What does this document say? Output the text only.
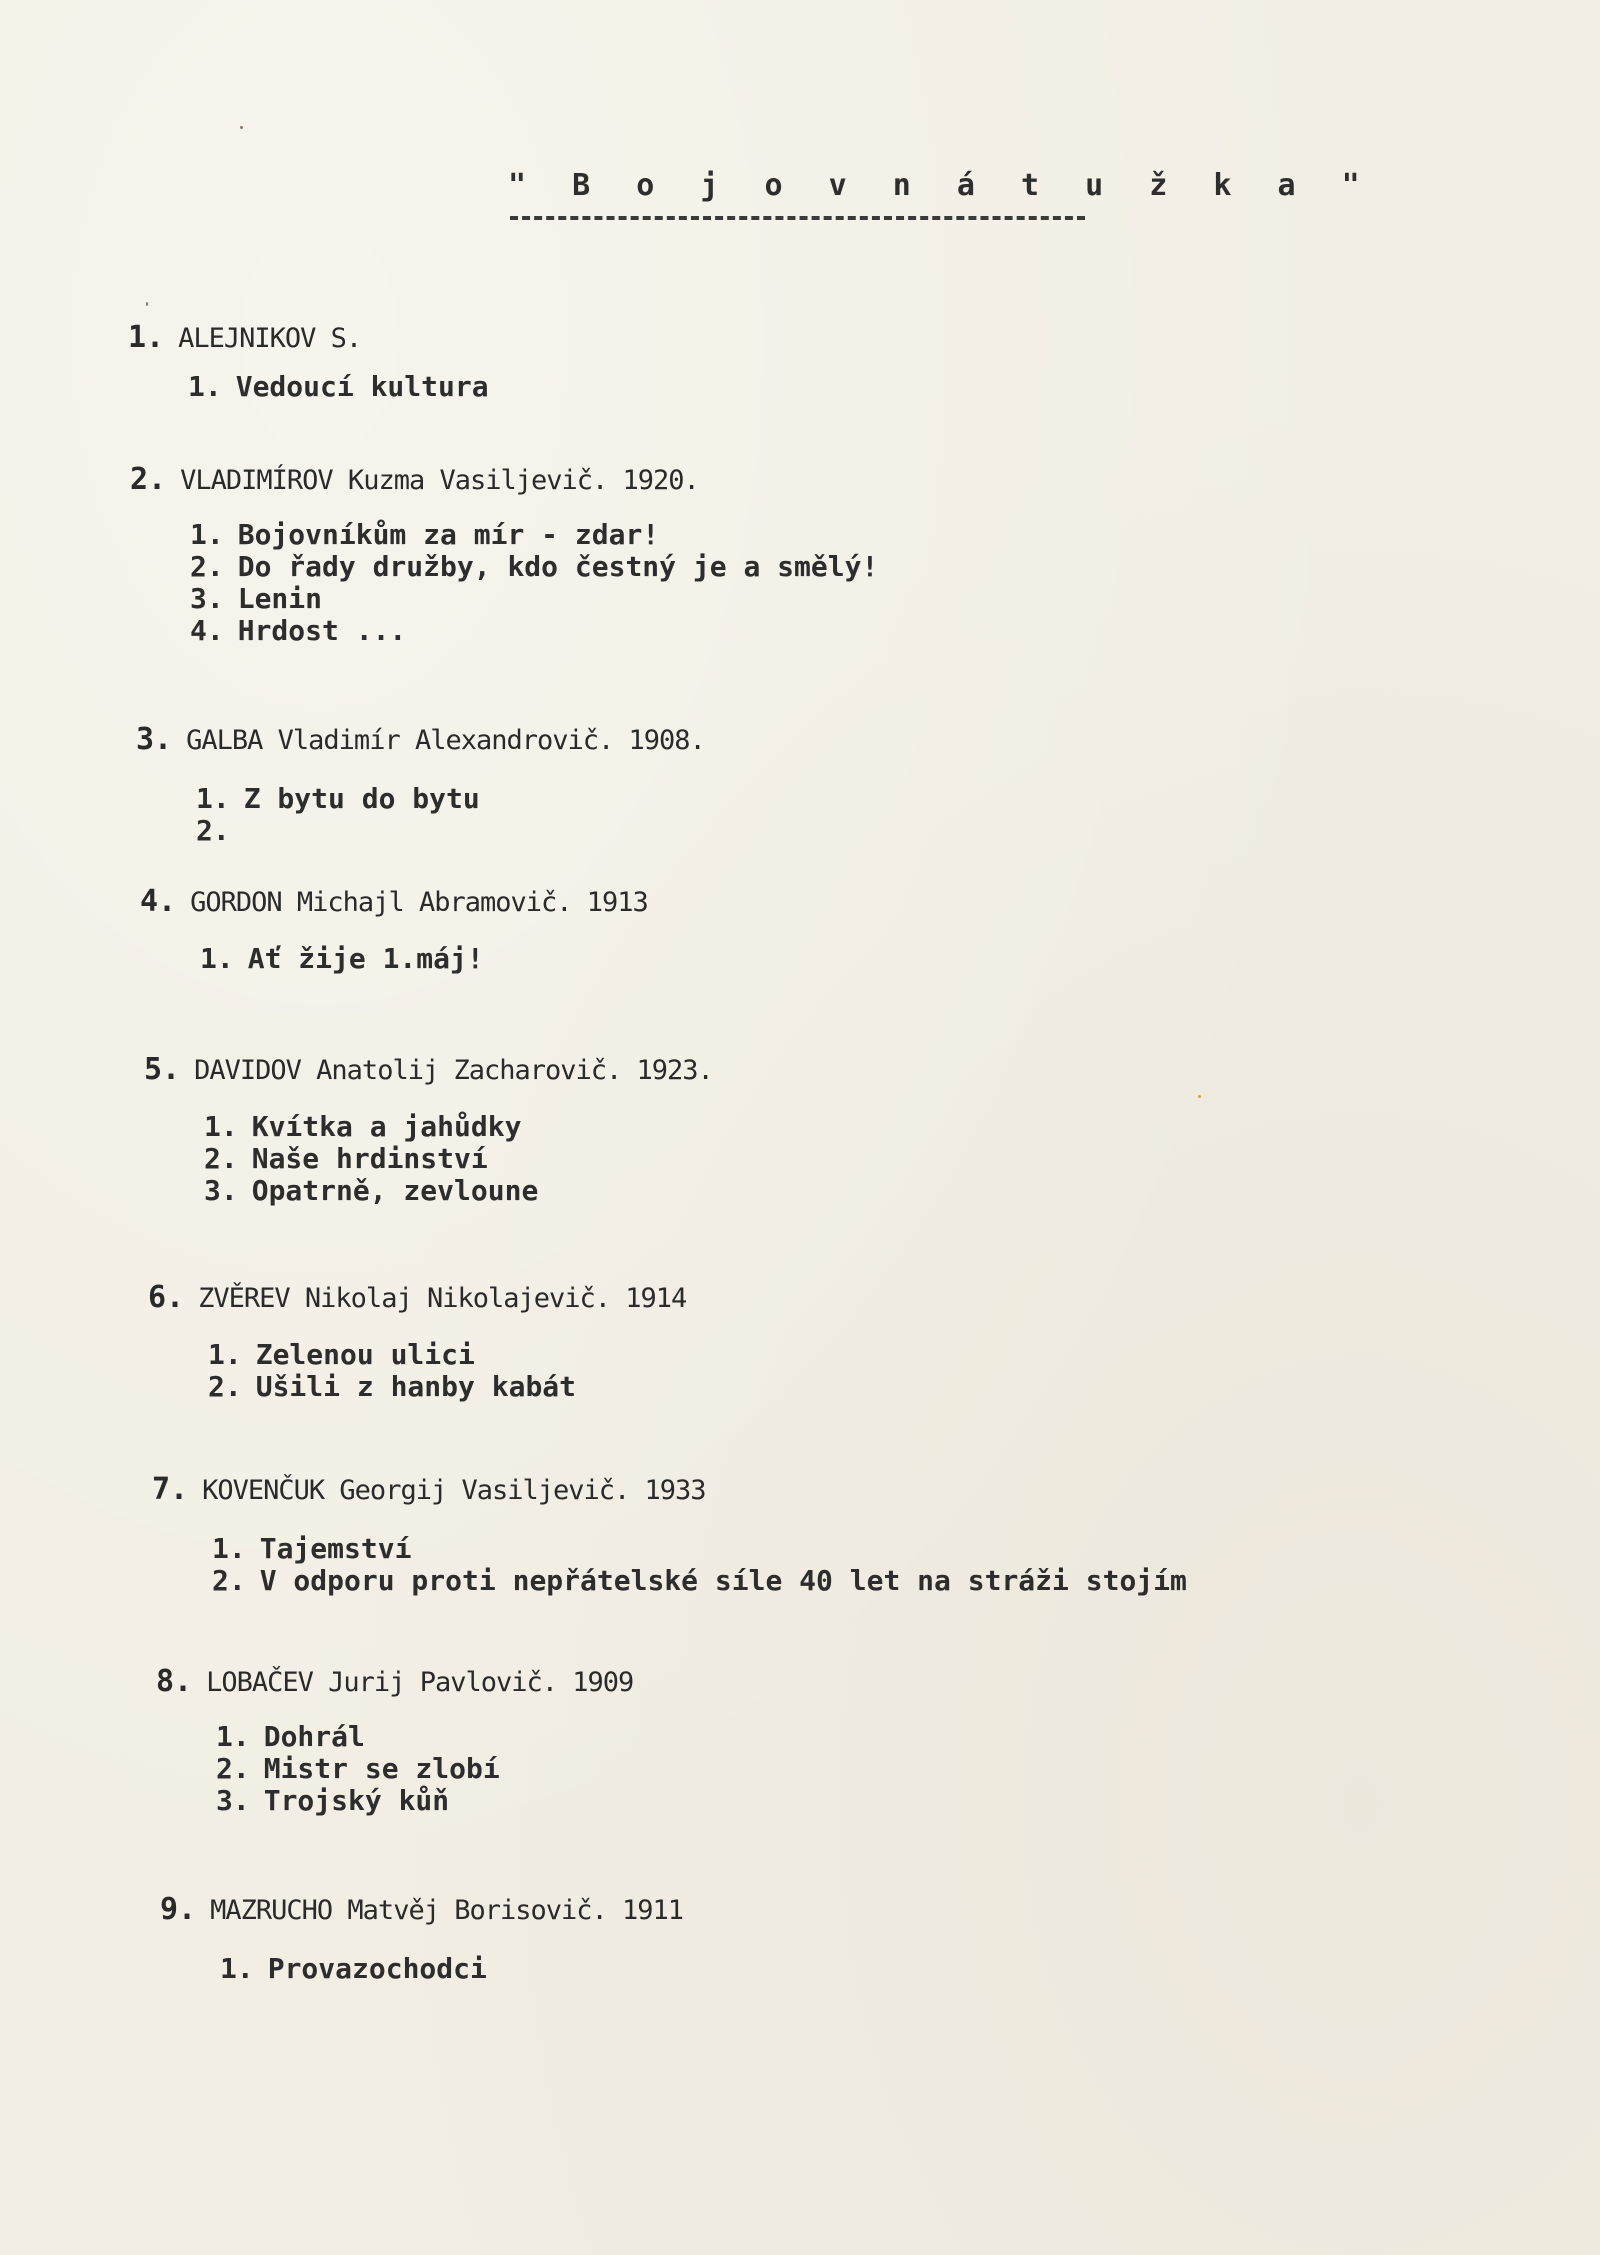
" B o j o v n á t u ž k a "
1. ALEJNIKOV S.
1. Vedoucí kultura
2. VLADIMÍROV Kuzma Vasiljevič. 1920.
1. Bojovníkům za mír - zdar!
2. Do řady družby, kdo čestný je a smělý!
3. Lenin
4. Hrdost ...
3. GALBA Vladimír Alexandrovič. 1908.
1. Z bytu do bytu
2.
4. GORDON Michajl Abramovič. 1913
1. Ať žije 1.máj!
5. DAVIDOV Anatolij Zacharovič. 1923.
1. Kvítka a jahůdky
2. Naše hrdinství
3. Opatrně, zevloune
6. ZVĚREV Nikolaj Nikolajevič. 1914
1. Zelenou ulici
2. Ušili z hanby kabát
7. KOVENČUK Georgij Vasiljevič. 1933
1. Tajemství
2. V odporu proti nepřátelské síle 40 let na stráži stojím
8. LOBAČEV Jurij Pavlovič. 1909
1. Dohrál
2. Mistr se zlobí
3. Trojský kůň
9. MAZRUCHO Matvěj Borisovič. 1911
1. Provazochodci
